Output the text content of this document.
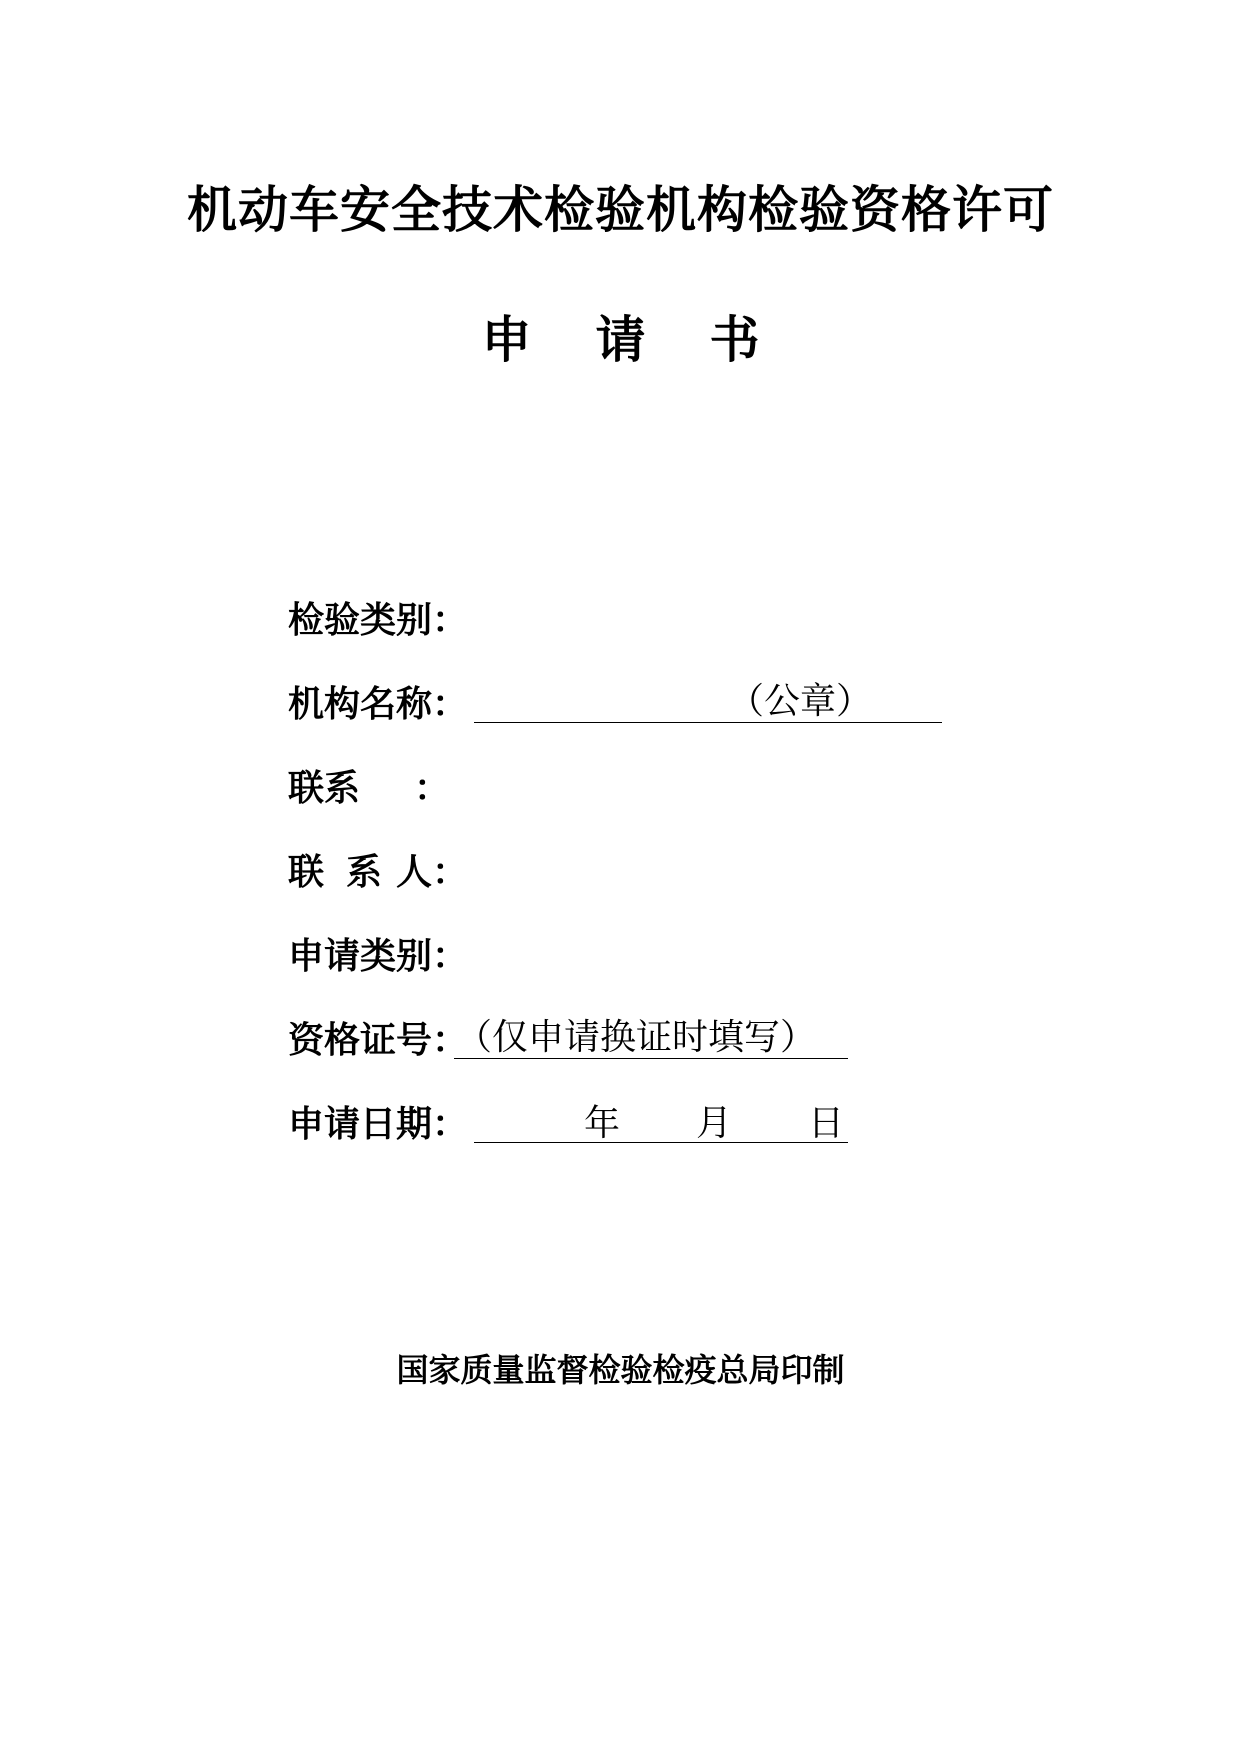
机动车安全技术检验机构检验资格许可
申 请 书
检验类别：
机构名称：	（公章）
联系 ：
联 系 人：
申请类别：
资格证号：
（仅申请换证时填写）
申请日期：	年 月 日
国家质量监督检验检疫总局印制
